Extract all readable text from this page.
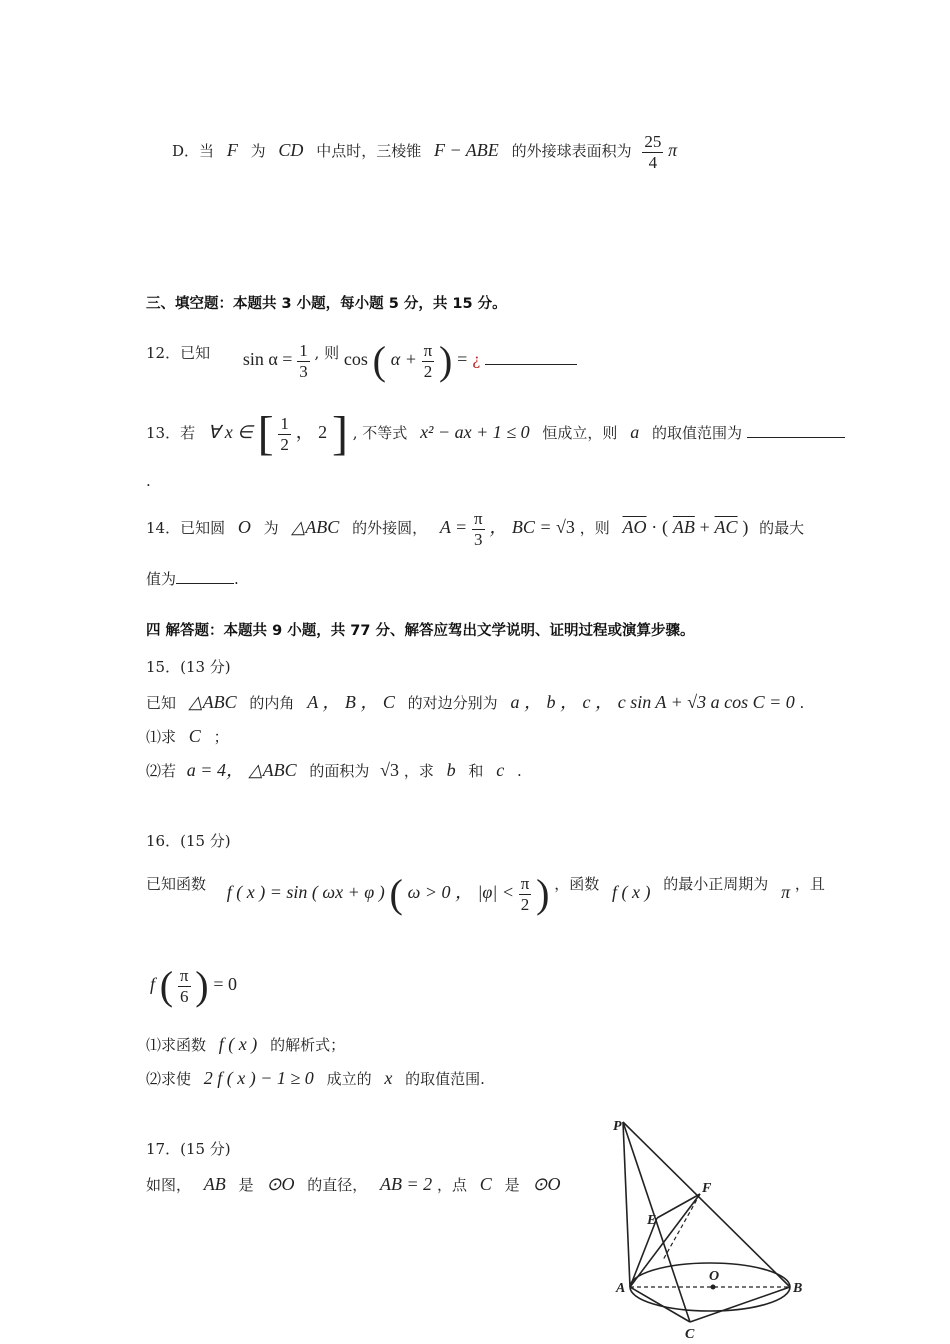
D．当 F 为 CD 中点时，三棱锥 F − ABE 的外接球表面积为 $\frac{25}{4}$ π
三、填空题：本题共 3 小题，每小题 5 分，共 15 分。
12．已知 $\sin \alpha = \frac{1}{3}$ , 则 cos ( $\alpha + \frac{\pi}{2}$ ) = ¿
13．若 ∀ x ∈ [ $\frac{1}{2}$ ， 2 ] , 不等式 x² − ax + 1 ≤ 0 恒成立，则 a 的取值范围为
.
14．已知圆 O 为 △ABC 的外接圆， $A = \frac{\pi}{3}$ ， BC = √3 ，则 $\overline{AO}$ · ( $\overline{AB} + \overline{AC}$ ) 的最大
值为	.
四 解答题：本题共 9 小题，共 77 分、解答应驾出文学说明、证明过程或演算步骤。
15．(13 分)
已知 △ABC 的内角 A ， B ， C 的对边分别为 a ， b ， c ， c sin A + √3 a cos C = 0 .
⑴求 C ；
⑵若 a = 4， △ABC 的面积为 √3 ，求 b 和 c .
16．(15 分)
已知函数 f ( x ) = sin ( ωx + φ ) ( ω > 0 ， $|\varphi| < \frac{\pi}{2}$ ) ，函数 f ( x ) 的最小正周期为 π ，且
f ( $\frac{\pi}{6}$ ) = 0
⑴求函数 f ( x ) 的解析式；
⑵求使 2 f ( x ) − 1 ≥ 0 成立的 x 的取值范围.
17．(15 分)
如图， AB 是 ⊙O 的直径， AB = 2 ，点 C 是 ⊙O
P
F
E
O
A	B
C
